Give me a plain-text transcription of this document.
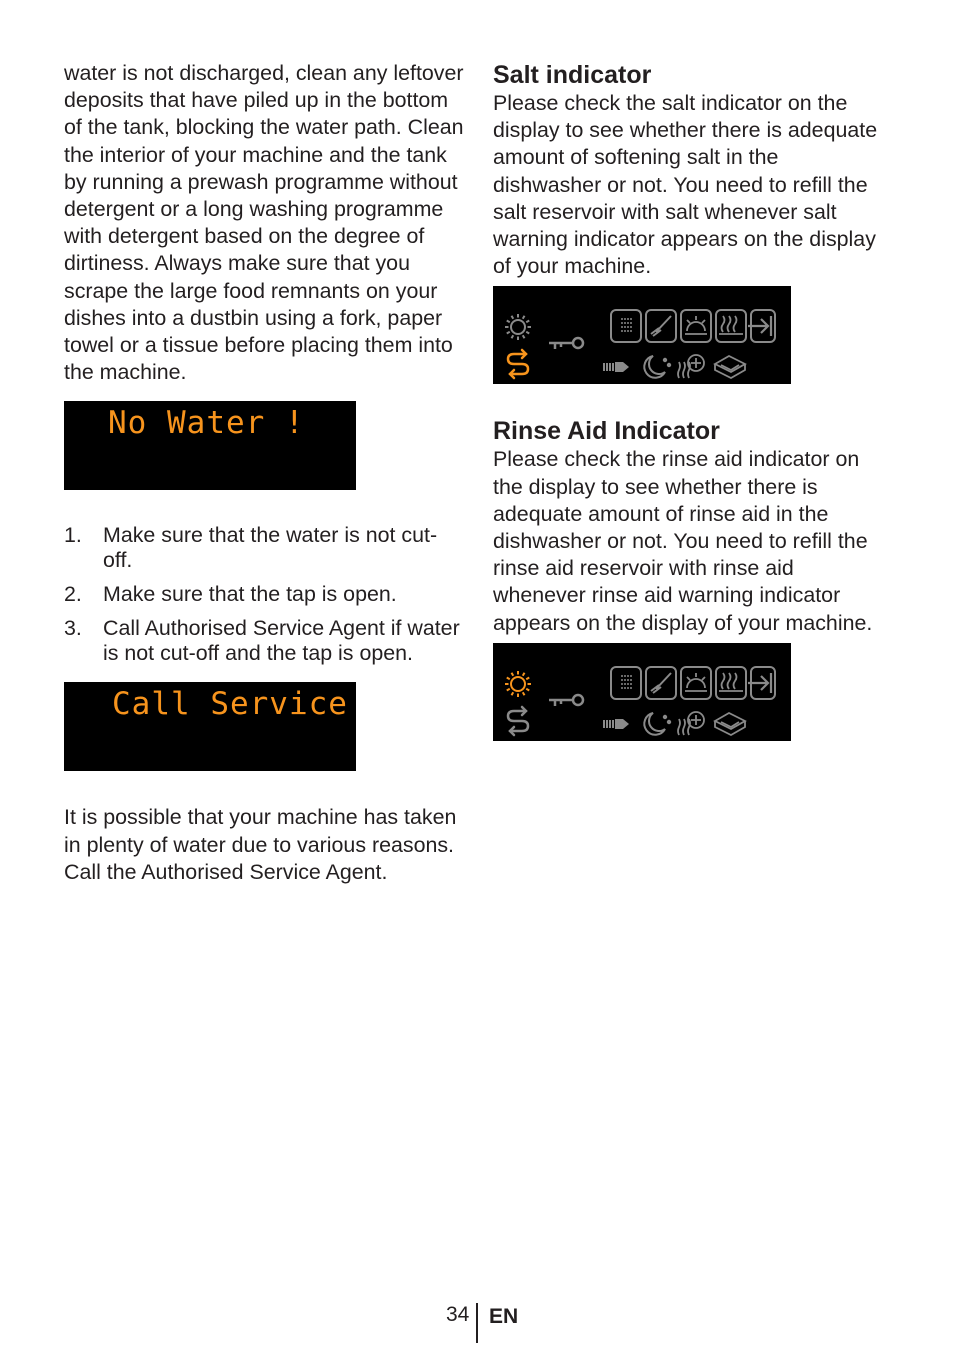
water is not discharged, clean any leftover deposits that have piled up in the bottom of the tank, blocking the water path. Clean the interior of your machine and the tank by running a prewash programme without detergent or a long washing programme with detergent based on the degree of dirtiness. Always make sure that you scrape the large food remnants on your dishes into a dustbin using a fork, paper towel or a tissue before placing them into the machine.

No Water !
1. Make sure that the water is not cut-off.
2. Make sure that the tap is open.
3. Call Authorised Service Agent if water is not cut-off and the tap is open.
Call Service

It is possible that your machine has taken in plenty of water due to various reasons. Call the Authorised Service Agent.

Salt indicator

Please check the salt indicator on the display to see whether there is adequate amount of softening salt in the dishwasher or not. You need to refill the salt reservoir with salt whenever salt warning indicator appears on the display of your machine.

Rinse Aid Indicator

Please check the rinse aid indicator on the display to see whether there is adequate amount of rinse aid in the dishwasher or not. You need to refill the rinse aid reservoir with rinse aid whenever rinse aid warning indicator appears on the display of your machine.

34 EN
